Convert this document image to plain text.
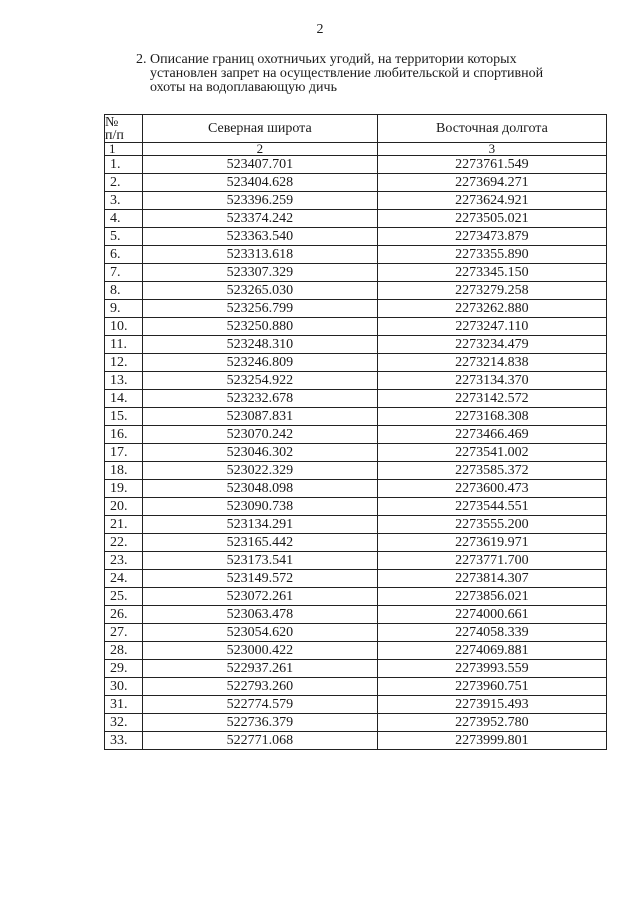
2
2. Описание границ охотничьих угодий, на территории которых
установлен запрет на осуществление любительской и спортивной
охоты на водоплавающую дичь
№
п/п	Северная широта	Восточная долгота
1	2	3
1.	523407.701	2273761.549
2.	523404.628	2273694.271
3.	523396.259	2273624.921
4.	523374.242	2273505.021
5.	523363.540	2273473.879
6.	523313.618	2273355.890
7.	523307.329	2273345.150
8.	523265.030	2273279.258
9.	523256.799	2273262.880
10.	523250.880	2273247.110
11.	523248.310	2273234.479
12.	523246.809	2273214.838
13.	523254.922	2273134.370
14.	523232.678	2273142.572
15.	523087.831	2273168.308
16.	523070.242	2273466.469
17.	523046.302	2273541.002
18.	523022.329	2273585.372
19.	523048.098	2273600.473
20.	523090.738	2273544.551
21.	523134.291	2273555.200
22.	523165.442	2273619.971
23.	523173.541	2273771.700
24.	523149.572	2273814.307
25.	523072.261	2273856.021
26.	523063.478	2274000.661
27.	523054.620	2274058.339
28.	523000.422	2274069.881
29.	522937.261	2273993.559
30.	522793.260	2273960.751
31.	522774.579	2273915.493
32.	522736.379	2273952.780
33.	522771.068	2273999.801
